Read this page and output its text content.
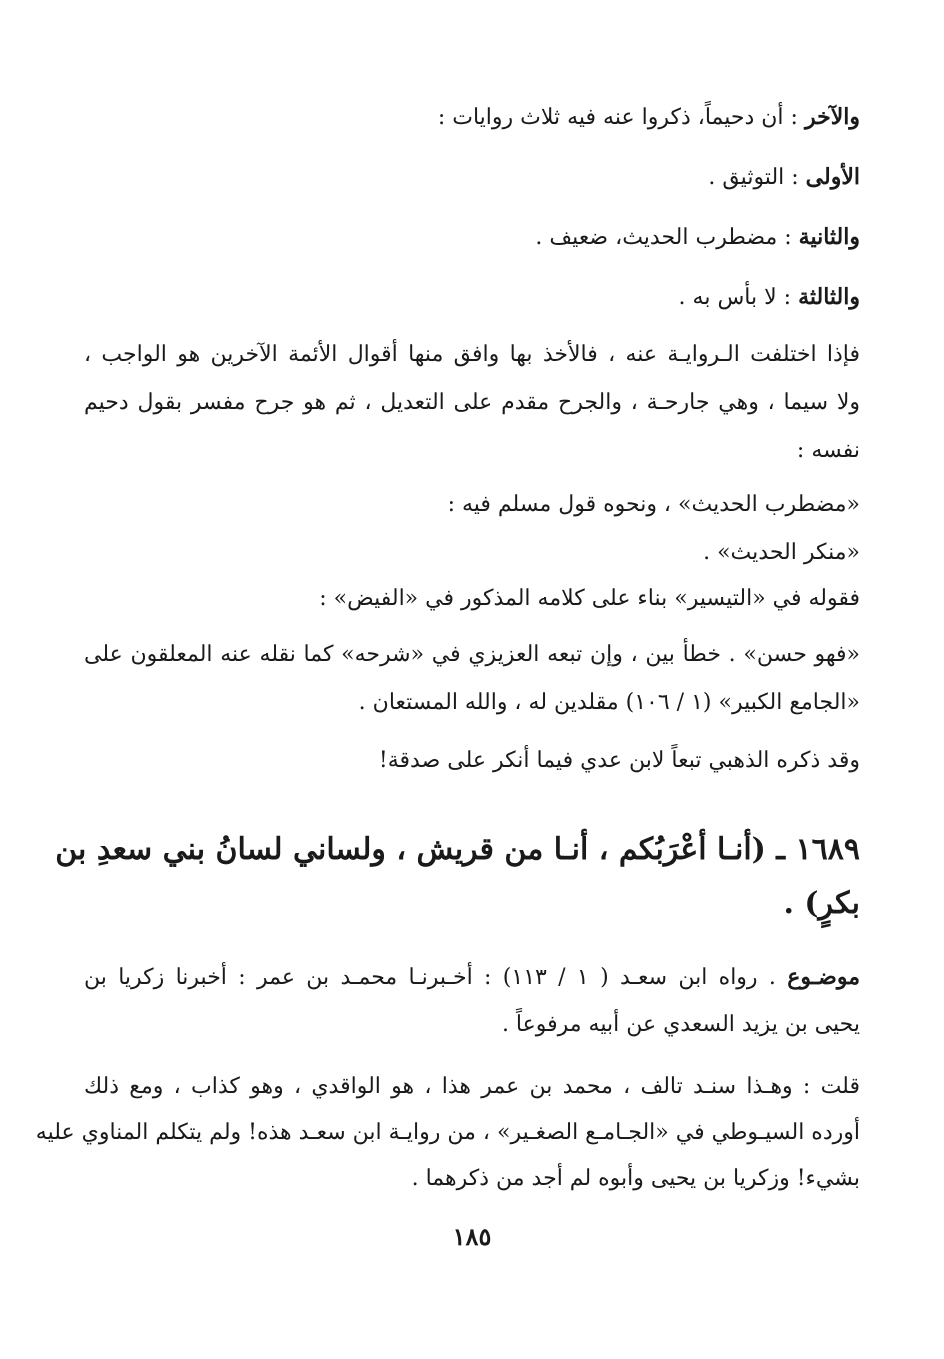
والآخر : أن دحيماً، ذكروا عنه فيه ثلاث روايات :
الأولى : التوثيق .
والثانية : مضطرب الحديث، ضعيف .
والثالثة : لا بأس به .
فإذا اختلفت الـروايـة عنه ، فالأخذ بها وافق منها أقوال الأئمة الآخرين هو الواجب ،
ولا سيما ، وهي جارحـة ، والجرح مقدم على التعديل ، ثم هو جرح مفسر بقول دحيم
نفسه :
«مضطرب الحديث» ، ونحوه قول مسلم فيه :
«منكر الحديث» .
فقوله في «التيسير» بناء على كلامه المذكور في «الفيض» :
«فهو حسن» . خطأ بين ، وإن تبعه العزيزي في «شرحه» كما نقله عنه المعلقون على
«الجامع الكبير» (١ / ١٠٦) مقلدين له ، والله المستعان .
وقد ذكره الذهبي تبعاً لابن عدي فيما أنكر على صدقة!
١٦٨٩ ـ (أنـا أعْرَبُكم ، أنـا من قريش ، ولساني لسانُ بني سعدِ بن
بكرٍ) .
موضـوع . رواه ابن سعـد ( ١ / ١١٣) : أخـبرنـا محمـد بن عمر : أخبرنا زكريا بن
يحيى بن يزيد السعدي عن أبيه مرفوعاً .
قلت : وهـذا سنـد تالف ، محمد بن عمر هذا ، هو الواقدي ، وهو كذاب ، ومع ذلك
أورده السيـوطي في «الجـامـع الصغـير» ، من روايـة ابن سعـد هذه! ولم يتكلم المناوي عليه
بشيء! وزكريا بن يحيى وأبوه لم أجد من ذكرهما .
١٨٥
